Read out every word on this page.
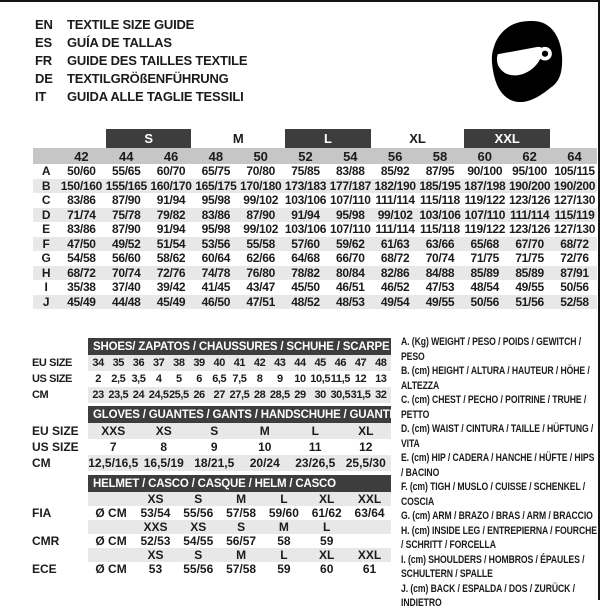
EN	TEXTILE SIZE GUIDE
ES	GUÍA DE TALLAS
FR	GUIDE DES TAILLES TEXTILE
DE	TEXTILGRÖßENFÜHRUNG
IT	GUIDA ALLE TAGLIE TESSILI

		S		M		L		XL		XXL		

	42	44	46	48	50	52	54	56	58	60	62	64
A	50/60	55/65	60/70	65/75	70/80	75/85	83/88	85/92	87/95	90/100	95/100	105/115
B	150/160	155/165	160/170	165/175	170/180	173/183	177/187	182/190	185/195	187/198	190/200	190/200
C	83/86	87/90	91/94	95/98	99/102	103/106	107/110	111/114	115/118	119/122	123/126	127/130
D	71/74	75/78	79/82	83/86	87/90	91/94	95/98	99/102	103/106	107/110	111/114	115/119
E	83/86	87/90	91/94	95/98	99/102	103/106	107/110	111/114	115/118	119/122	123/126	127/130
F	47/50	49/52	51/54	53/56	55/58	57/60	59/62	61/63	63/66	65/68	67/70	68/72
G	54/58	56/60	58/62	60/64	62/66	64/68	66/70	68/72	70/74	71/75	71/75	72/76
H	68/72	70/74	72/76	74/78	76/80	78/82	80/84	82/86	84/88	85/89	85/89	87/91
I	35/38	37/40	39/42	41/45	43/47	45/50	46/51	46/52	47/53	48/54	49/55	50/56
J	45/49	44/48	45/49	46/50	47/51	48/52	48/53	49/54	49/55	50/56	51/56	52/58
	SHOES/ ZAPATOS / CHAUSSURES / SCHUHE / SCARPE														
EU SIZE	34	35	36	37	38	39	40	41	42	43	44	45	46	47	48
US SIZE	2	2,5	3,5	4	5	6	6,5	7,5	8	9	10	10,5	11,5	12	13
CM	23	23,5	24	24,5	25,5	26	27	27,5	28	28,5	29	30	30,5	31,5	32
	GLOVES / GUANTES / GANTS / HANDSCHUHE / GUANTI					
EU SIZE	XXS	XS	S	M	L	XL
US SIZE	7	8	9	10	11	12
CM	12,5/16,5	16,5/19	18/21,5	20/24	23/26,5	25,5/30
	HELMET / CASCO / CASQUE / HELM / CASCO						
		XS	S	M	L	XL	XXL
FIA	Ø CM	53/54	55/56	57/58	59/60	61/62	63/64
		XXS	XS	S	M	L	
CMR	Ø CM	52/53	54/55	56/57	58	59	
		XS	S	M	L	XL	XXL
ECE	Ø CM	53	55/56	57/58	59	60	61
A. (Kg) WEIGHT / PESO / POIDS / GEWITCH / PESO
B. (cm) HEIGHT / ALTURA / HAUTEUR / HÖHE / ALTEZZA
C. (cm) CHEST / PECHO / POITRINE / TRUHE / PETTO
D. (cm) WAIST / CINTURA / TAILLE / HÜFTUNG / VITA
E. (cm) HIP / CADERA / HANCHE / HÜFTE / HIPS / BACINO
F. (cm) TIGH / MUSLO / CUISSE / SCHENKEL / COSCIA
G. (cm) ARM / BRAZO / BRAS / ARM / BRACCIO
H. (cm) INSIDE LEG / ENTREPIERNA / FOURCHE / SCHRITT / FORCELLA
I. (cm) SHOULDERS / HOMBROS / ÉPAULES / SCHULTERN / SPALLE
J. (cm) BACK / ESPALDA / DOS / ZURÜCK / INDIETRO
